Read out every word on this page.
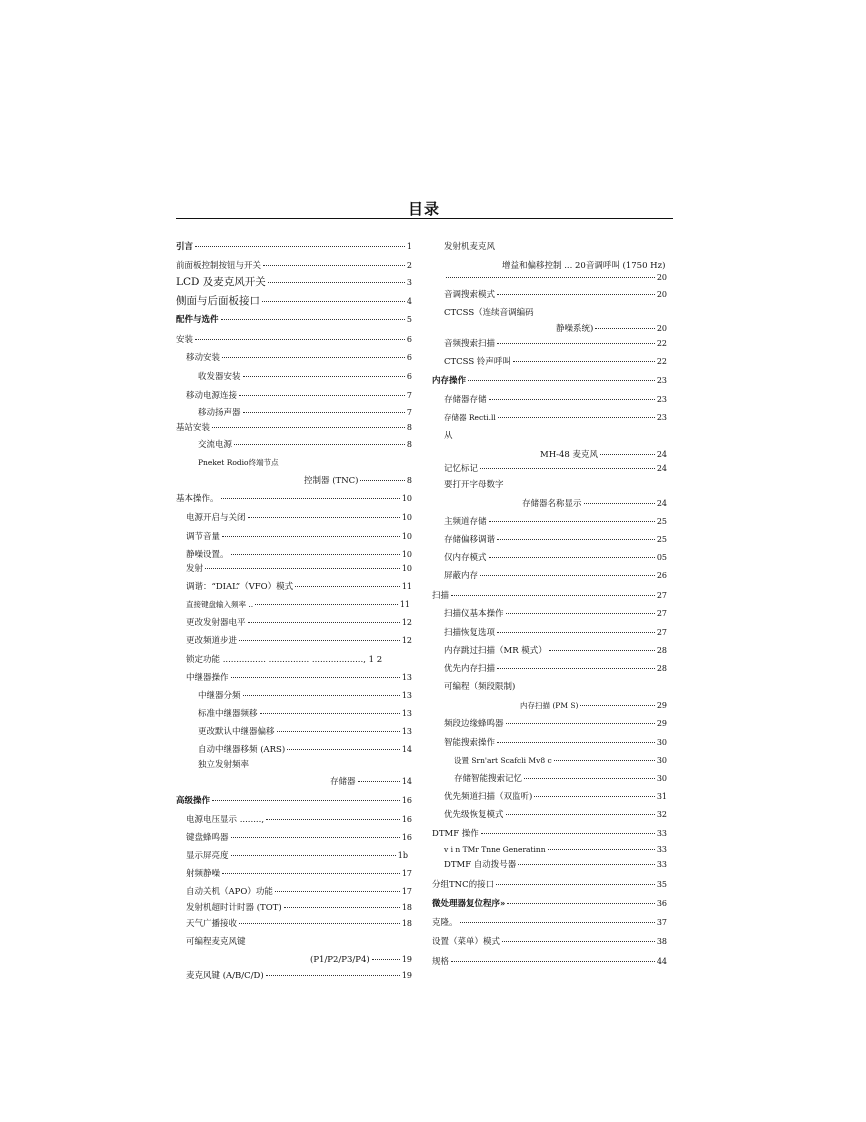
目录
引言	1
前面板控制按钮与开关	2
LCD 及麦克风开关	3
侧面与后面板接口	4
配件与选件	5
安装	6
移动安装	6
收发器安装	6
移动电源连接	7
移动扬声器	7
基站安装	8
交流电源	8
Pneket Rodio终端节点
控制器 (TNC)	8
基本操作。	10
电源开启与关闭	10
调节音量	10
静噪设置。	10
发射	10
调谐：“DIAL”（VFO）模式	11
直接键盘输入频率 ..	11
更改发射器电平	12
更改频道步进	12
锁定功能 ................ ............... ..................., 1 2
中继器操作	13
中继器分频	13
标准中继器频移	13
更改默认中继器偏移	13
自动中继器移频 (ARS)	14
独立发射频率
存储器	14
高级操作	16
电源电压显示 ........,	16
键盘蜂鸣器	16
显示屏亮度	1b
射频静噪	17
自动关机（APO）功能	17
发射机超时计时器 (TOT)	18
天气广播接收	18
可编程麦克风键
(P1/P2/P3/P4)	19
麦克风键 (A/B/C/D)	19
发射机麦克风
增益和偏移控制 ... 20音调呼叫 (1750 Hz)
20
音调搜索模式	20
CTCSS（连续音调编码
静噪系统)	20
音频搜索扫描	22
CTCSS 铃声呼叫	22
内存操作	23
存储器存储	23
存储器 Recti.ll	23
从
MH-48 麦克风	24
记忆标记	24
要打开字母数字
存储器名称显示	24
主频道存储	25
存储偏移调谐	25
仅内存模式	05
屏蔽内存	26
扫描	27
扫描仪基本操作	27
扫描恢复选项	27
内存跳过扫描（MR 模式）	28
优先内存扫描	28
可编程（频段限制)
内存扫描 (PM S)	29
频段边缘蜂鸣器	29
智能搜索操作	30
设置 Srn'art Scafcli Mv8 c	30
存储智能搜索记忆	30
优先频道扫描（双监听)	31
优先级恢复模式	32
DTMF 操作	33
v i n TMr Tnne Generatinn	33
DTMF 自动拨号器	33
分组TNC的接口	35
微处理器复位程序»	36
克隆。	37
设置（菜单）模式	38
规格	44
